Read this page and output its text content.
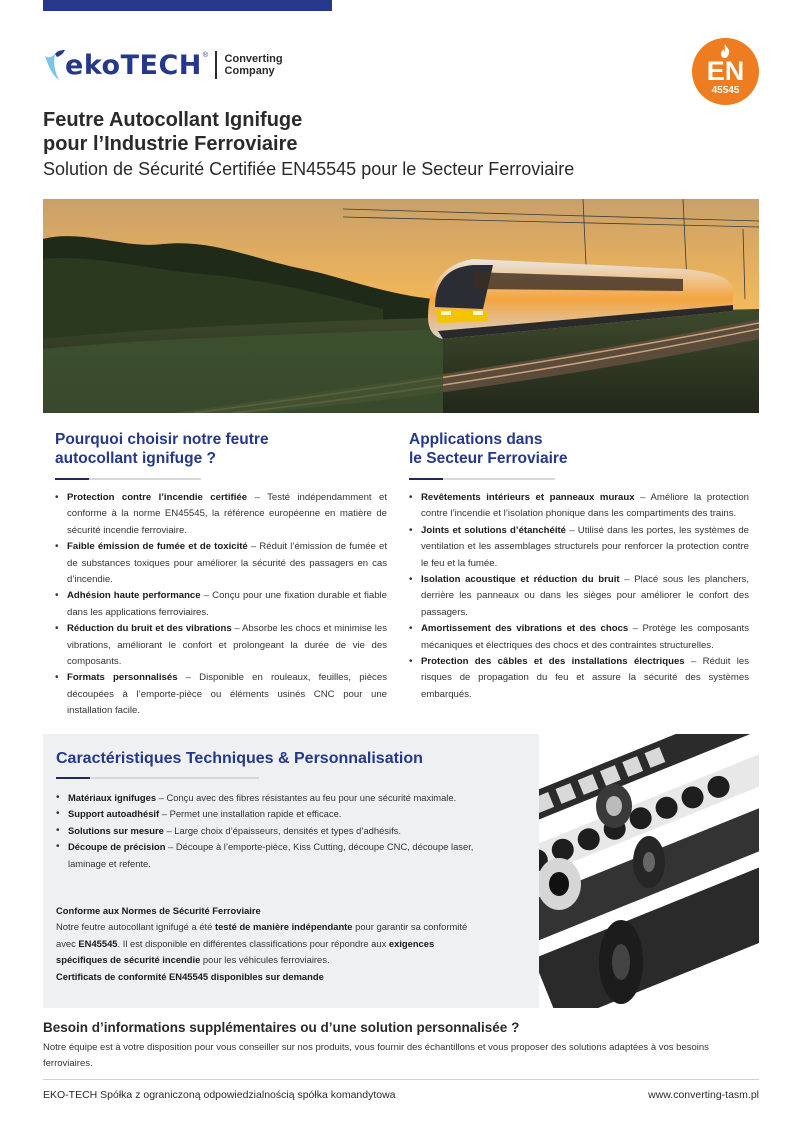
ekoTECH ® Converting
Company	EN
45545
Feutre Autocollant Ignifuge
pour l’Industrie Ferroviaire
Solution de Sécurité Certifiée EN45545 pour le Secteur Ferroviaire
Pourquoi choisir notre feutre
autocollant ignifuge ?
• Protection contre l’incendie certifiée – Testé indépendamment et conforme à la norme EN45545, la référence européenne en matière de sécurité incendie ferroviaire.
• Faible émission de fumée et de toxicité – Réduit l’émission de fumée et de substances toxiques pour améliorer la sécurité des passagers en cas d’incendie.
• Adhésion haute performance – Conçu pour une fixation durable et fiable dans les applications ferroviaires.
• Réduction du bruit et des vibrations – Absorbe les chocs et minimise les vibrations, améliorant le confort et prolongeant la durée de vie des composants.
• Formats personnalisés – Disponible en rouleaux, feuilles, pièces découpées à l’emporte-pièce ou éléments usinés CNC pour une installation facile.
Applications dans
le Secteur Ferroviaire
• Revêtements intérieurs et panneaux muraux – Améliore la protection contre l’incendie et l’isolation phonique dans les compartiments des trains.
• Joints et solutions d’étanchéité – Utilisé dans les portes, les systèmes de ventilation et les assemblages structurels pour renforcer la protection contre le feu et la fumée.
• Isolation acoustique et réduction du bruit – Placé sous les planchers, derrière les panneaux ou dans les sièges pour améliorer le confort des passagers.
• Amortissement des vibrations et des chocs – Protège les composants mécaniques et électriques des chocs et des contraintes structurelles.
• Protection des câbles et des installations électriques – Réduit les risques de propagation du feu et assure la sécurité des systèmes embarqués.
Caractéristiques Techniques & Personnalisation
• Matériaux ignifuges – Conçu avec des fibres résistantes au feu pour une sécurité maximale.
• Support autoadhésif – Permet une installation rapide et efficace.
• Solutions sur mesure – Large choix d’épaisseurs, densités et types d’adhésifs.
• Découpe de précision – Découpe à l’emporte-pièce, Kiss Cutting, découpe CNC, découpe laser, laminage et refente.
Conforme aux Normes de Sécurité Ferroviaire
Notre feutre autocollant ignifugé a été testé de manière indépendante pour garantir sa conformité avec EN45545. Il est disponible en différentes classifications pour répondre aux exigences spécifiques de sécurité incendie pour les véhicules ferroviaires.
Certificats de conformité EN45545 disponibles sur demande
Besoin d’informations supplémentaires ou d’une solution personnalisée ?
Notre équipe est à votre disposition pour vous conseiller sur nos produits, vous fournir des échantillons et vous proposer des solutions adaptées à vos besoins ferroviaires.
EKO-TECH Spółka z ograniczoną odpowiedzialnością spółka komandytowa	www.converting-tasm.pl
